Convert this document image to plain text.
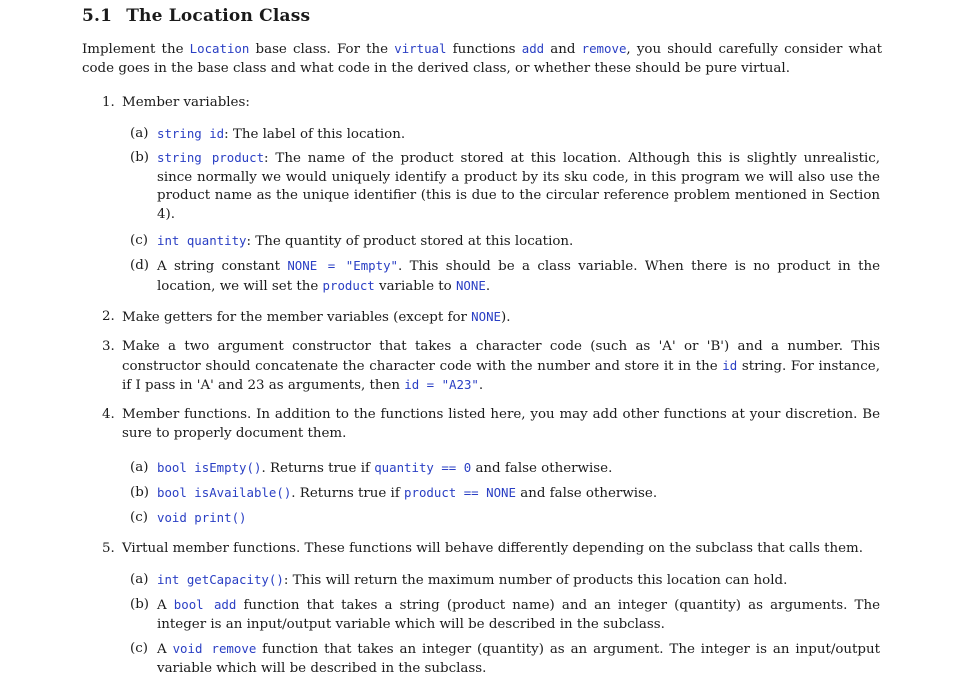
5.1 The Location Class

Implement the Location base class. For the virtual functions add and remove, you should carefully consider what code goes in the base class and what code in the derived class, or whether these should be pure virtual.

1. Member variables:
(a) string id: The label of this location.
(b) string product: The name of the product stored at this location. Although this is slightly unrealistic, since normally we would uniquely identify a product by its sku code, in this program we will also use the product name as the unique identifier (this is due to the circular reference problem mentioned in Section 4).
(c) int quantity: The quantity of product stored at this location.
(d) A string constant NONE = "Empty". This should be a class variable. When there is no product in the location, we will set the product variable to NONE.
2. Make getters for the member variables (except for NONE).
3. Make a two argument constructor that takes a character code (such as 'A' or 'B') and a number. This constructor should concatenate the character code with the number and store it in the id string. For instance, if I pass in 'A' and 23 as arguments, then id = "A23".
4. Member functions. In addition to the functions listed here, you may add other functions at your discretion. Be sure to properly document them.
(a) bool isEmpty(). Returns true if quantity == 0 and false otherwise.
(b) bool isAvailable(). Returns true if product == NONE and false otherwise.
(c) void print()
5. Virtual member functions. These functions will behave differently depending on the subclass that calls them.
(a) int getCapacity(): This will return the maximum number of products this location can hold.
(b) A bool add function that takes a string (product name) and an integer (quantity) as arguments. The integer is an input/output variable which will be described in the subclass.
(c) A void remove function that takes an integer (quantity) as an argument. The integer is an input/output variable which will be described in the subclass.
